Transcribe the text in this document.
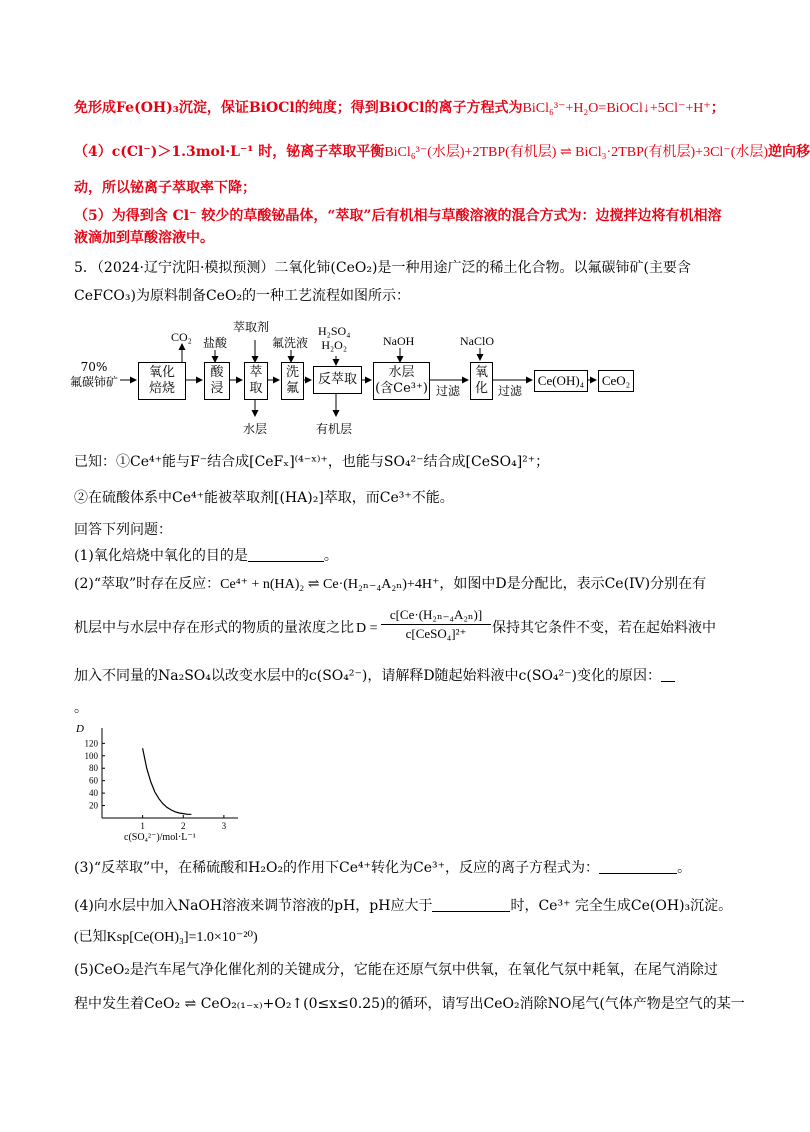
免形成Fe(OH)₃沉淀，保证BiOCl的纯度；得到BiOCl的离子方程式为BiCl₆³⁻+H₂O=BiOCl↓+5Cl⁻+H⁺；
（4）c(Cl⁻)＞1.3mol·L⁻¹ 时，铋离子萃取平衡BiCl₆³⁻(水层)+2TBP(有机层) ⇌ BiCl₃·2TBP(有机层)+3Cl⁻(水层)逆向移
动，所以铋离子萃取率下降；
（5）为得到含 Cl⁻ 较少的草酸铋晶体，“萃取”后有机相与草酸溶液的混合方式为：边搅拌边将有机相溶
液滴加到草酸溶液中。
5．（2024·辽宁沈阳·模拟预测）二氧化铈(CeO₂)是一种用途广泛的稀土化合物。以氟碳铈矿(主要含
CeFCO₃)为原料制备CeO₂的一种工艺流程如图所示：
70%
氟碳铈矿
氧化
焙烧
酸
浸
萃
取
洗
氟
反萃取	水层
(含Ce³⁺)
氧
化
Ce(OH)₄ CeO₂
CO₂ 盐酸
萃取剂
氟洗液
H₂SO₄
H₂O₂	NaOH	NaClO
水层	有机层
过滤	过滤
已知：①Ce⁴⁺能与F⁻结合成[CeFₓ]⁽⁴⁻ˣ⁾⁺，也能与SO₄²⁻结合成[CeSO₄]²⁺；
②在硫酸体系中Ce⁴⁺能被萃取剂[(HA)₂]萃取，而Ce³⁺不能。
回答下列问题：
(1)氧化焙烧中氧化的目的是	。
(2)“萃取”时存在反应：Ce⁴⁺ + n(HA)₂ ⇌ Ce·(H₂ₙ₋₄A₂ₙ)+4H⁺，如图中D是分配比，表示Ce(IV)分别在有
机层中与水层中存在形式的物质的量浓度之比 D =
c[Ce·(H₂ₙ₋₄A₂ₙ)]
c[CeSO₄]²⁺	保持其它条件不变，若在起始料液中
加入不同量的Na₂SO₄以改变水层中的c(SO₄²⁻)，请解释D随起始料液中c(SO₄²⁻)变化的原因：
。
20
40
60
80
100
120
1	2	3
D
c(SO₄²⁻)/mol·L⁻¹
(3)“反萃取”中，在稀硫酸和H₂O₂的作用下Ce⁴⁺转化为Ce³⁺，反应的离子方程式为：	。
(4)向水层中加入NaOH溶液来调节溶液的pH，pH应大于	时，Ce³⁺ 完全生成Ce(OH)₃沉淀。
(已知Ksp[Ce(OH)₃]=1.0×10⁻²⁰)
(5)CeO₂是汽车尾气净化催化剂的关键成分，它能在还原气氛中供氧，在氧化气氛中耗氧，在尾气消除过
程中发生着CeO₂ ⇌ CeO₂₍₁₋ₓ₎+O₂↑(0≤x≤0.25)的循环，请写出CeO₂消除NO尾气(气体产物是空气的某一
